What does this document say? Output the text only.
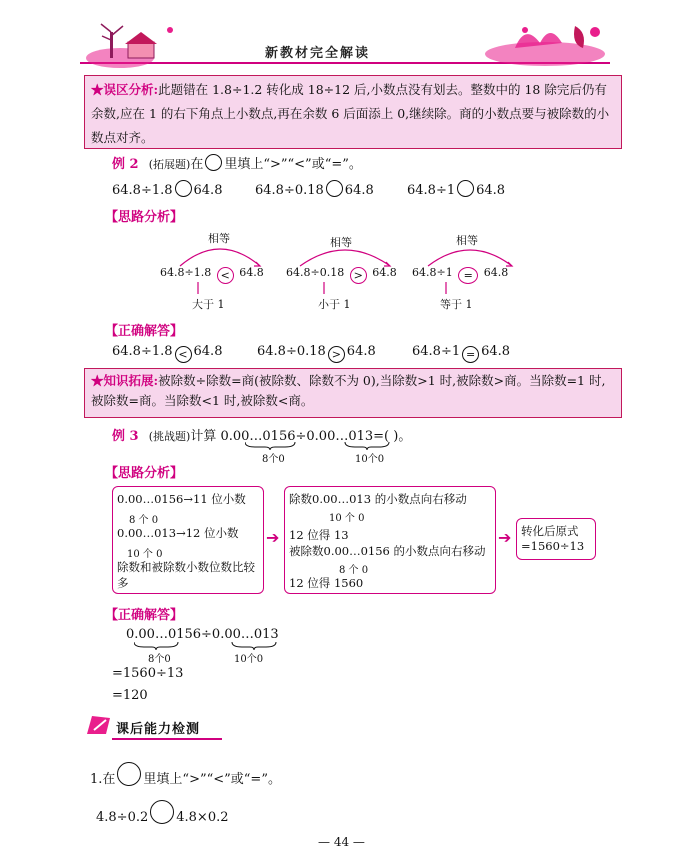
新教材完全解读
★误区分析:此题错在 1.8÷1.2 转化成 18÷12 后,小数点没有划去。整数中的 18 除完后仍有余数,应在 1 的右下角点上小数点,再在余数 6 后面添上 0,继续除。商的小数点要与被除数的小数点对齐。
例 2 (拓展题)在 里填上“>”“<”或“=”。
64.8÷1.8 64.8	64.8÷0.18 64.8	64.8÷1 64.8
【思路分析】
相等	相等	相等
64.8÷1.8 < 64.8 64.8÷0.18 > 64.8 64.8÷1 = 64.8
大于 1	小于 1	等于 1
【正确解答】
64.8÷1.8 < 64.8	64.8÷0.18 > 64.8	64.8÷1 = 64.8
★知识拓展:被除数÷除数=商(被除数、除数不为 0),当除数>1 时,被除数>商。当除数=1 时,被除数=商。当除数<1 时,被除数<商。
例 3 (挑战题)计算 0.00…0156÷0.00…013=( )。
8个0	10个0
【思路分析】
0.00…0156→11 位小数
8 个 0
0.00…013→12 位小数
10 个 0
除数和被除数小数位数比较多
➔
除数0.00…013 的小数点向右移动
10 个 0
12 位得 13
被除数0.00…0156 的小数点向右移动
8 个 0
12 位得 1560
➔ 转化后原式
=1560÷13
【正确解答】
0.00…0156÷0.00…013
8个0	10个0
=1560÷13
=120
课后能力检测
1.在 里填上“>”“<”或“=”。
4.8÷0.2 4.8×0.2
— 44 —
